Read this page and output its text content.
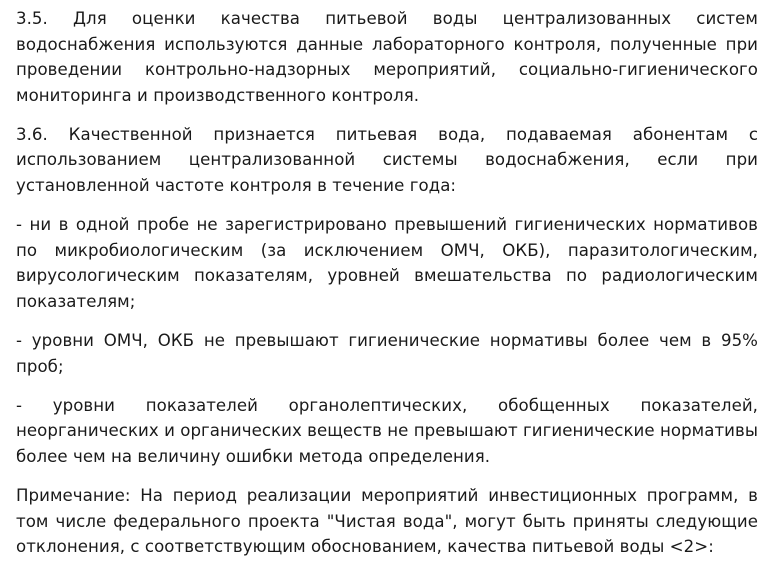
3.5. Для оценки качества питьевой воды централизованных систем водоснабжения используются данные лабораторного контроля, полученные при проведении контрольно-надзорных мероприятий, социально-гигиенического мониторинга и производственного контроля.

3.6. Качественной признается питьевая вода, подаваемая абонентам с использованием централизованной системы водоснабжения, если при установленной частоте контроля в течение года:

- ни в одной пробе не зарегистрировано превышений гигиенических нормативов по микробиологическим (за исключением ОМЧ, ОКБ), паразитологическим, вирусологическим показателям, уровней вмешательства по радиологическим показателям;

- уровни ОМЧ, ОКБ не превышают гигиенические нормативы более чем в 95% проб;

- уровни показателей органолептических, обобщенных показателей, неорганических и органических веществ не превышают гигиенические нормативы более чем на величину ошибки метода определения.

Примечание: На период реализации мероприятий инвестиционных программ, в том числе федерального проекта "Чистая вода", могут быть приняты следующие отклонения, с соответствующим обоснованием, качества питьевой воды <2>:
